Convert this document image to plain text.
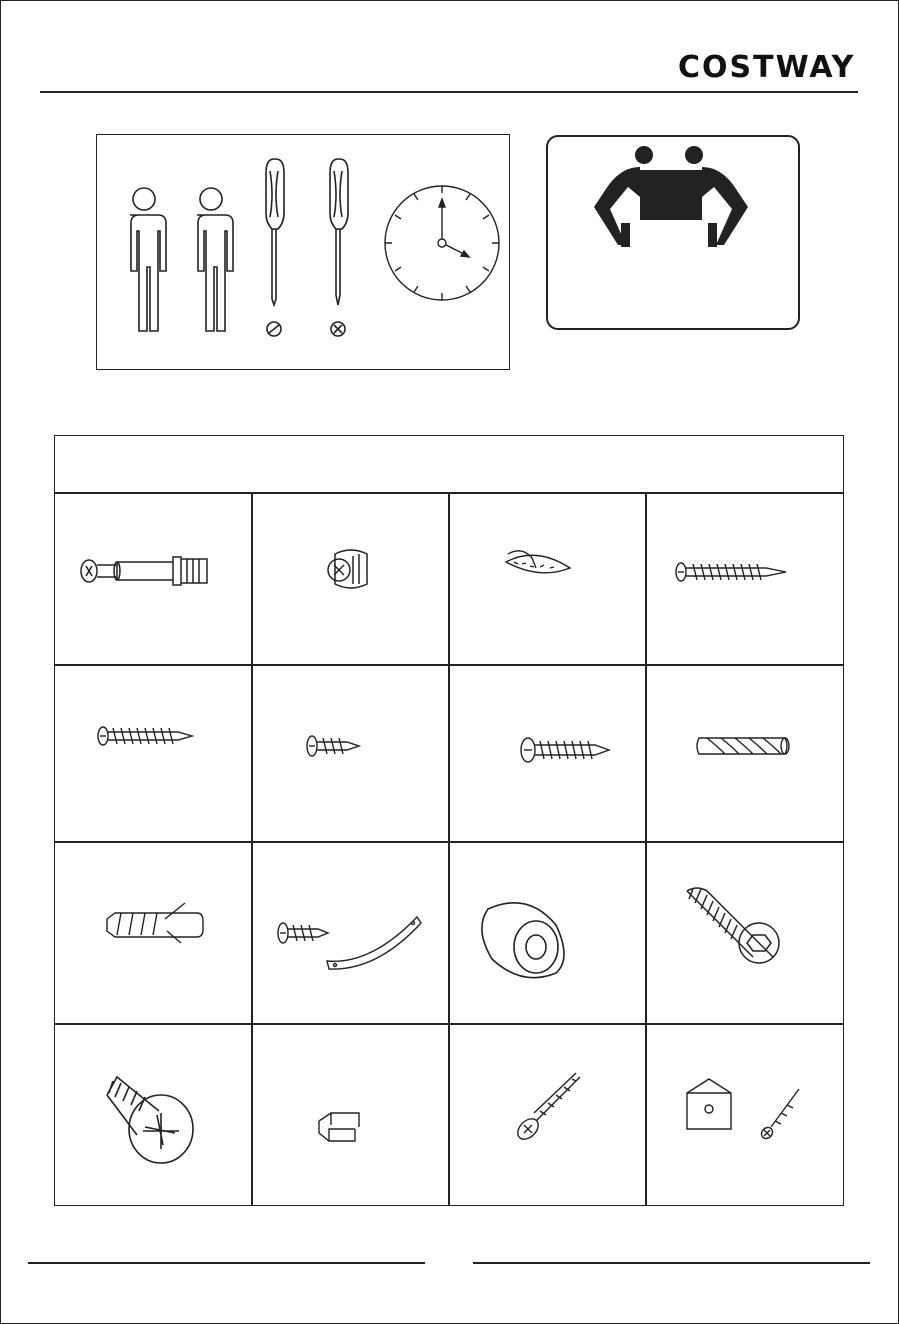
COSTWAY
